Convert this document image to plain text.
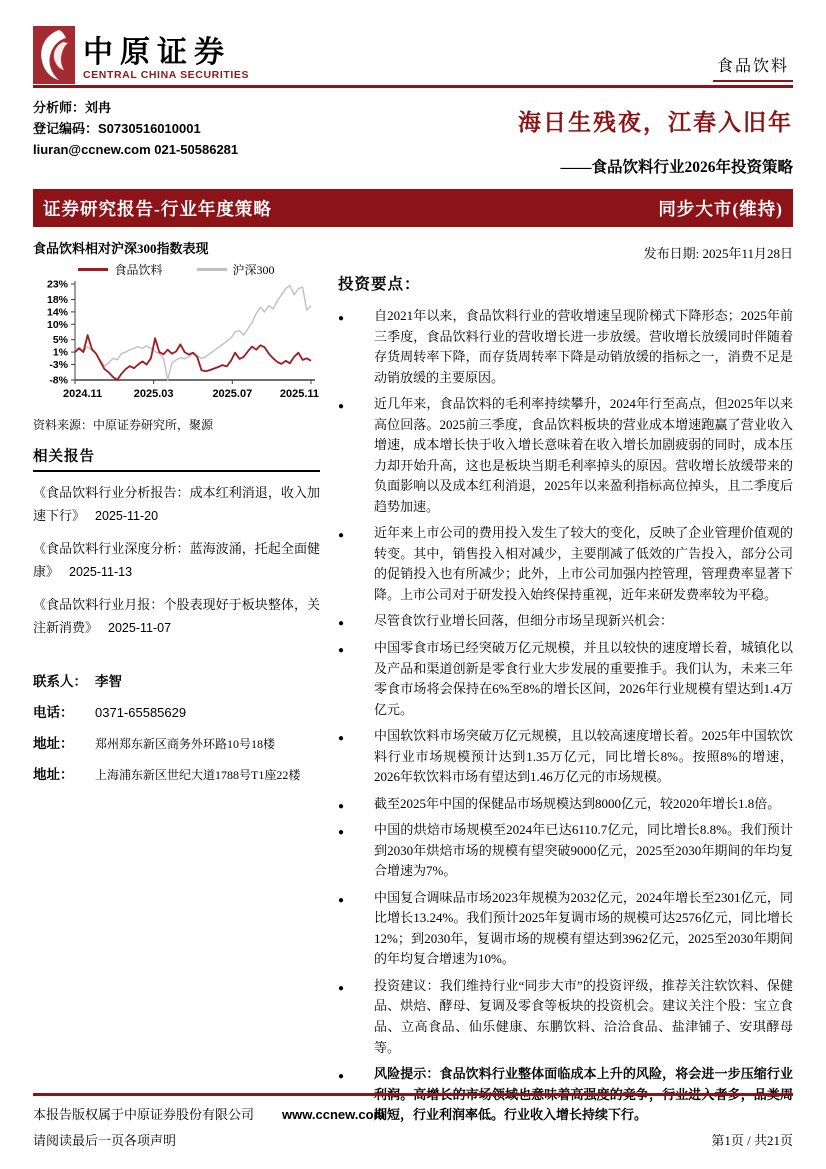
中原证券
CENTRAL CHINA SECURITIES	食品饮料
分析师：刘冉
登记编码：S0730516010001
liuran@ccnew.com 021-50586281
海日生残夜，江春入旧年
——食品饮料行业2026年投资策略
证券研究报告-行业年度策略	同步大市(维持)
食品饮料相对沪深300指数表现
食品饮料	沪深300
23%
18%
14%
10%
5%
1%
-3%
-8%
2024.11	2025.03	2025.07	2025.11
资料来源：中原证券研究所，聚源
相关报告
《食品饮料行业分析报告：成本红利消退，收入加速下行》 2025-11-20
《食品饮料行业深度分析：蓝海波涌，托起全面健康》 2025-11-13
《食品饮料行业月报：个股表现好于板块整体，关注新消费》 2025-11-07
联系人： 李智
电话：	0371-65585629
地址：	郑州郑东新区商务外环路10号18楼
地址：	上海浦东新区世纪大道1788号T1座22楼
发布日期: 2025年11月28日
投资要点：
●
自2021年以来，食品饮料行业的营收增速呈现阶梯式下降形态；2025年前三季度，食品饮料行业的营收增长进一步放缓。营收增长放缓同时伴随着存货周转率下降，而存货周转率下降是动销放缓的指标之一，消费不足是动销放缓的主要原因。
●
近几年来，食品饮料的毛利率持续攀升，2024年行至高点，但2025年以来高位回落。2025前三季度，食品饮料板块的营业成本增速跑赢了营业收入增速，成本增长快于收入增长意味着在收入增长加剧疲弱的同时，成本压力却开始升高，这也是板块当期毛利率掉头的原因。营收增长放缓带来的负面影响以及成本红利消退，2025年以来盈利指标高位掉头，且二季度后趋势加速。
●
近年来上市公司的费用投入发生了较大的变化，反映了企业管理价值观的转变。其中，销售投入相对减少，主要削减了低效的广告投入，部分公司的促销投入也有所减少；此外，上市公司加强内控管理，管理费率显著下降。上市公司对于研发投入始终保持重视，近年来研发费率较为平稳。
●
尽管食饮行业增长回落，但细分市场呈现新兴机会：
●
中国零食市场已经突破万亿元规模，并且以较快的速度增长着，城镇化以及产品和渠道创新是零食行业大步发展的重要推手。我们认为，未来三年零食市场将会保持在6%至8%的增长区间，2026年行业规模有望达到1.4万亿元。
●
中国软饮料市场突破万亿元规模，且以较高速度增长着。2025年中国软饮料行业市场规模预计达到1.35万亿元，同比增长8%。按照8%的增速，2026年软饮料市场有望达到1.46万亿元的市场规模。
●
截至2025年中国的保健品市场规模达到8000亿元，较2020年增长1.8倍。
●
中国的烘焙市场规模至2024年已达6110.7亿元，同比增长8.8%。我们预计到2030年烘焙市场的规模有望突破9000亿元，2025至2030年期间的年均复合增速为7%。
●
中国复合调味品市场2023年规模为2032亿元，2024年增长至2301亿元，同比增长13.24%。我们预计2025年复调市场的规模可达2576亿元，同比增长12%；到2030年，复调市场的规模有望达到3962亿元，2025至2030年期间的年均复合增速为10%。
●
投资建议：我们维持行业“同步大市”的投资评级，推荐关注软饮料、保健品、烘焙、酵母、复调及零食等板块的投资机会。建议关注个股：宝立食品、立高食品、仙乐健康、东鹏饮料、洽洽食品、盐津铺子、安琪酵母等。
●
风险提示：食品饮料行业整体面临成本上升的风险，将会进一步压缩行业利润。高增长的市场领域也意味着高强度的竞争，行业进入者多，品类周期短，行业利润率低。行业收入增长持续下行。
本报告版权属于中原证券股份有限公司 www.ccnew.com
请阅读最后一页各项声明	第1页 / 共21页
